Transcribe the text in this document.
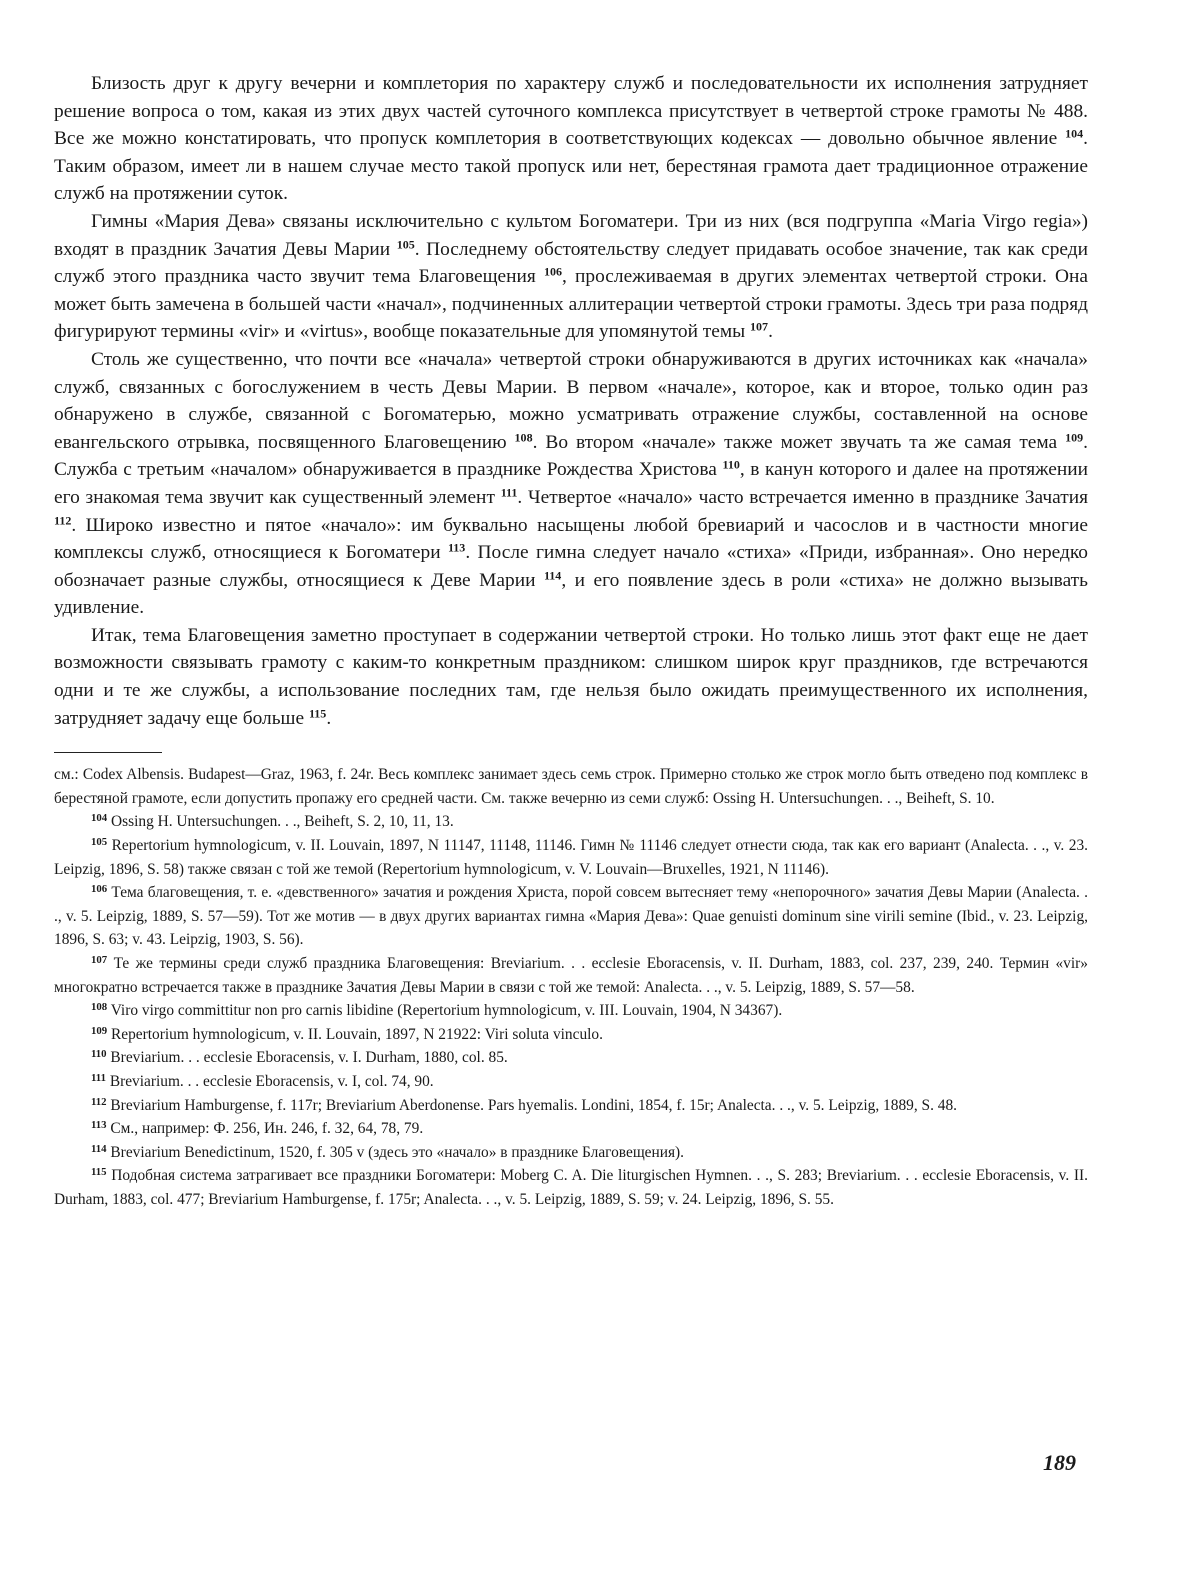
Близость друг к другу вечерни и комплетория по характеру служб и последовательности их исполнения затрудняет решение вопроса о том, какая из этих двух частей суточного комплекса присутствует в четвертой строке грамоты № 488. Все же можно констатировать, что пропуск комплетория в соответствующих кодексах — довольно обычное явление $^{104}$. Таким образом, имеет ли в нашем случае место такой пропуск или нет, берестяная грамота дает традиционное отражение служб на протяжении суток.

Гимны «Мария Дева» связаны исключительно с культом Богоматери. Три из них (вся подгруппа «Maria Virgo regia») входят в праздник Зачатия Девы Марии $^{105}$. Последнему обстоятельству следует придавать особое значение, так как среди служб этого праздника часто звучит тема Благовещения $^{106}$, прослеживаемая в других элементах четвертой строки. Она может быть замечена в большей части «начал», подчиненных аллитерации четвертой строки грамоты. Здесь три раза подряд фигурируют термины «vir» и «virtus», вообще показательные для упомянутой темы $^{107}$.

Столь же существенно, что почти все «начала» четвертой строки обнаруживаются в других источниках как «начала» служб, связанных с богослужением в честь Девы Марии. В первом «начале», которое, как и второе, только один раз обнаружено в службе, связанной с Богоматерью, можно усматривать отражение службы, составленной на основе евангельского отрывка, посвященного Благовещению $^{108}$. Во втором «начале» также может звучать та же самая тема $^{109}$. Служба с третьим «началом» обнаруживается в празднике Рождества Христова $^{110}$, в канун которого и далее на протяжении его знакомая тема звучит как существенный элемент $^{111}$. Четвертое «начало» часто встречается именно в празднике Зачатия $^{112}$. Широко известно и пятое «начало»: им буквально насыщены любой бревиарий и часослов и в частности многие комплексы служб, относящиеся к Богоматери $^{113}$. После гимна следует начало «стиха» «Приди, избранная». Оно нередко обозначает разные службы, относящиеся к Деве Марии $^{114}$, и его появление здесь в роли «стиха» не должно вызывать удивление.

Итак, тема Благовещения заметно проступает в содержании четвертой строки. Но только лишь этот факт еще не дает возможности связывать грамоту с каким-то конкретным праздником: слишком широк круг праздников, где встречаются одни и те же службы, а использование последних там, где нельзя было ожидать преимущественного их исполнения, затрудняет задачу еще больше $^{115}$.

см.: Codex Albensis. Budapest—Graz, 1963, f. 24r. Весь комплекс занимает здесь семь строк. Примерно столько же строк могло быть отведено под комплекс в берестяной грамоте, если допустить пропажу его средней части. См. также вечерню из семи служб: Ossing H. Untersuchungen. . ., Beiheft, S. 10.

$^{104}$ Ossing H. Untersuchungen. . ., Beiheft, S. 2, 10, 11, 13.

$^{105}$ Repertorium hymnologicum, v. II. Louvain, 1897, N 11147, 11148, 11146. Гимн № 11146 следует отнести сюда, так как его вариант (Analecta. . ., v. 23. Leipzig, 1896, S. 58) также связан с той же темой (Repertorium hymnologicum, v. V. Louvain—Bruxelles, 1921, N 11146).

$^{106}$ Тема благовещения, т. е. «девственного» зачатия и рождения Христа, порой совсем вытесняет тему «непорочного» зачатия Девы Марии (Analecta. . ., v. 5. Leipzig, 1889, S. 57—59). Тот же мотив — в двух других вариантах гимна «Мария Дева»: Quae genuisti dominum sine virili semine (Ibid., v. 23. Leipzig, 1896, S. 63; v. 43. Leipzig, 1903, S. 56).

$^{107}$ Те же термины среди служб праздника Благовещения: Breviarium. . . ecclesie Eboracensis, v. II. Durham, 1883, col. 237, 239, 240. Термин «vir» многократно встречается также в празднике Зачатия Девы Марии в связи с той же темой: Analecta. . ., v. 5. Leipzig, 1889, S. 57—58.

$^{108}$ Viro virgo committitur non pro carnis libidine (Repertorium hymnologicum, v. III. Louvain, 1904, N 34367).

$^{109}$ Repertorium hymnologicum, v. II. Louvain, 1897, N 21922: Viri soluta vinculo.

$^{110}$ Breviarium. . . ecclesie Eboracensis, v. I. Durham, 1880, col. 85.

$^{111}$ Breviarium. . . ecclesie Eboracensis, v. I, col. 74, 90.

$^{112}$ Breviarium Hamburgense, f. 117r; Breviarium Aberdonense. Pars hyemalis. Londini, 1854, f. 15r; Analecta. . ., v. 5. Leipzig, 1889, S. 48.

$^{113}$ См., например: Ф. 256, Ин. 246, f. 32, 64, 78, 79.

$^{114}$ Breviarium Benedictinum, 1520, f. 305 v (здесь это «начало» в празднике Благовещения).

$^{115}$ Подобная система затрагивает все праздники Богоматери: Moberg C. A. Die liturgischen Hymnen. . ., S. 283; Breviarium. . . ecclesie Eboracensis, v. II. Durham, 1883, col. 477; Breviarium Hamburgense, f. 175r; Analecta. . ., v. 5. Leipzig, 1889, S. 59; v. 24. Leipzig, 1896, S. 55.

189
